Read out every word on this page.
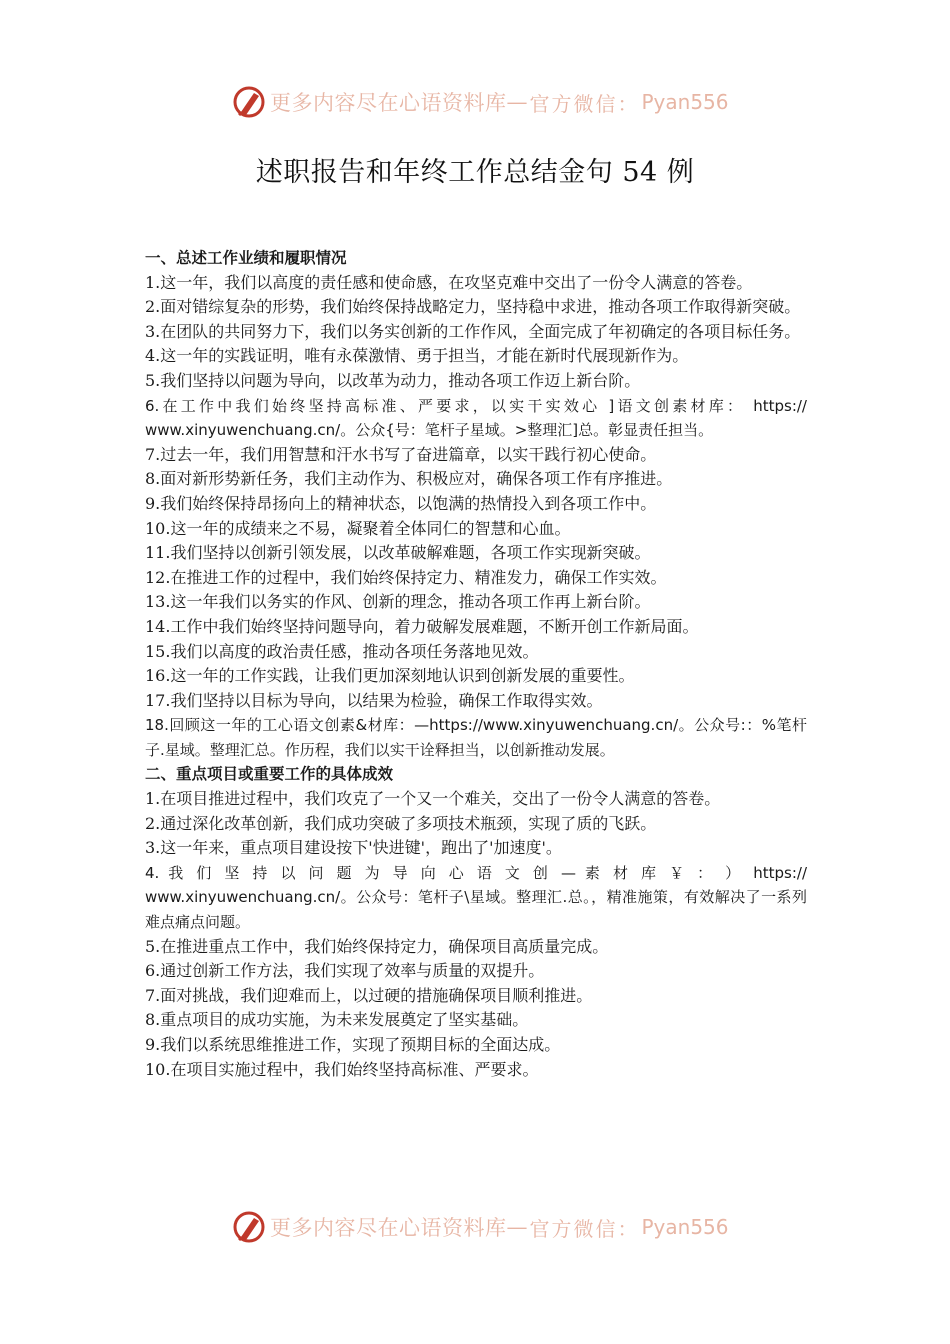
更多内容尽在心语资料库 — 官方微信： Pyan556
述职报告和年终工作总结金句 54 例

一、总述工作业绩和履职情况

1.这一年，我们以高度的责任感和使命感，在攻坚克难中交出了一份令人满意的答卷。

2.面对错综复杂的形势，我们始终保持战略定力，坚持稳中求进，推动各项工作取得新突破。

3.在团队的共同努力下，我们以务实创新的工作作风，全面完成了年初确定的各项目标任务。

4.这一年的实践证明，唯有永葆激情、勇于担当，才能在新时代展现新作为。

5.我们坚持以问题为导向，以改革为动力，推动各项工作迈上新台阶。

6.在工作中我们始终坚持高标准、严要求，以实干实效心 ]语文创素材库： https:// www.xinyuwenchuang.cn/。公众{号：笔杆子星域。>整理汇]总。彰显责任担当。

7.过去一年，我们用智慧和汗水书写了奋进篇章，以实干践行初心使命。

8.面对新形势新任务，我们主动作为、积极应对，确保各项工作有序推进。

9.我们始终保持昂扬向上的精神状态，以饱满的热情投入到各项工作中。

10.这一年的成绩来之不易，凝聚着全体同仁的智慧和心血。

11.我们坚持以创新引领发展，以改革破解难题，各项工作实现新突破。

12.在推进工作的过程中，我们始终保持定力、精准发力，确保工作实效。

13.这一年我们以务实的作风、创新的理念，推动各项工作再上新台阶。

14.工作中我们始终坚持问题导向，着力破解发展难题，不断开创工作新局面。

15.我们以高度的政治责任感，推动各项任务落地见效。

16.这一年的工作实践，让我们更加深刻地认识到创新发展的重要性。

17.我们坚持以目标为导向，以结果为检验，确保工作取得实效。

18.回顾这一年的工心语文创素&材库：—https://www.xinyuwenchuang.cn/。公众号:：%笔杆子.星域。整理汇总。作历程，我们以实干诠释担当，以创新推动发展。

二、重点项目或重要工作的具体成效

1.在项目推进过程中，我们攻克了一个又一个难关，交出了一份令人满意的答卷。

2.通过深化改革创新，我们成功突破了多项技术瓶颈，实现了质的飞跃。

3.这一年来，重点项目建设按下'快进键'，跑出了'加速度'。

4. 我 们 坚 持 以 问 题 为 导 向 心 语 文 创 — 素 材 库 ￥ ： ） https://

www.xinyuwenchuang.cn/。公众号：笔杆子\星域。整理汇.总。，精准施策，有效解决了一系列难点痛点问题。

5.在推进重点工作中，我们始终保持定力，确保项目高质量完成。

6.通过创新工作方法，我们实现了效率与质量的双提升。

7.面对挑战，我们迎难而上，以过硬的措施确保项目顺利推进。

8.重点项目的成功实施，为未来发展奠定了坚实基础。

9.我们以系统思维推进工作，实现了预期目标的全面达成。

10.在项目实施过程中，我们始终坚持高标准、严要求。

更多内容尽在心语资料库 — 官方微信： Pyan556
